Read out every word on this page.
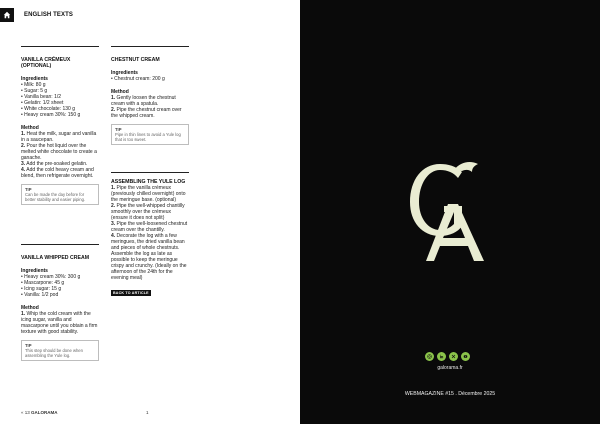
ENGLISH TEXTS
VANILLA CRÉMEUX (OPTIONAL)
Ingredients
• Milk: 80 g
• Sugar: 5 g
• Vanilla bean: 1/2
• Gelatin: 1/2 sheet
• White chocolate: 130 g
• Heavy cream 30%: 150 g
Method
1. Heat the milk, sugar and vanilla in a saucepan.
2. Pour the hot liquid over the melted white chocolate to create a ganache.
3. Add the pre-soaked gelatin.
4. Add the cold heavy cream and blend, then refrigerate overnight.
TIP
Can be made the day before for better stability and easier piping.
VANILLA WHIPPED CREAM
Ingredients
• Heavy cream 30%: 300 g
• Mascarpone: 45 g
• Icing sugar: 15 g
• Vanilla: 1/2 pod
Method
1. Whip the cold cream with the icing sugar, vanilla and mascarpone until you obtain a firm texture with good stability.
TIP
This step should be done when assembling the Yule log.
CHESTNUT CREAM
Ingredients
• Chestnut cream: 200 g
Method
1. Gently loosen the chestnut cream with a spatula.
2. Pipe the chestnut cream over the whipped cream.
TIP
Pipe in thin lines to avoid a Yule log that is too sweet.
ASSEMBLING THE YULE LOG
1. Pipe the vanilla crémeux (previously chilled overnight) onto the meringue base. (optional)
2. Pipe the well-whipped chantilly smoothly over the crémeux (ensure it does not split)
3. Pipe the well-loosened chestnut cream over the chantilly.
4. Decorate the log with a few meringues, the dried vanilla bean and pieces of whole chestnuts. Assemble the log as late as possible to keep the meringue crispy and crunchy. (Ideally on the afternoon of the 24th for the evening meal)
BACK TO ARTICLE
« 13 GALORAMA	1
galorama.fr
WEBMAGAZINE #15 . Décembre 2025
